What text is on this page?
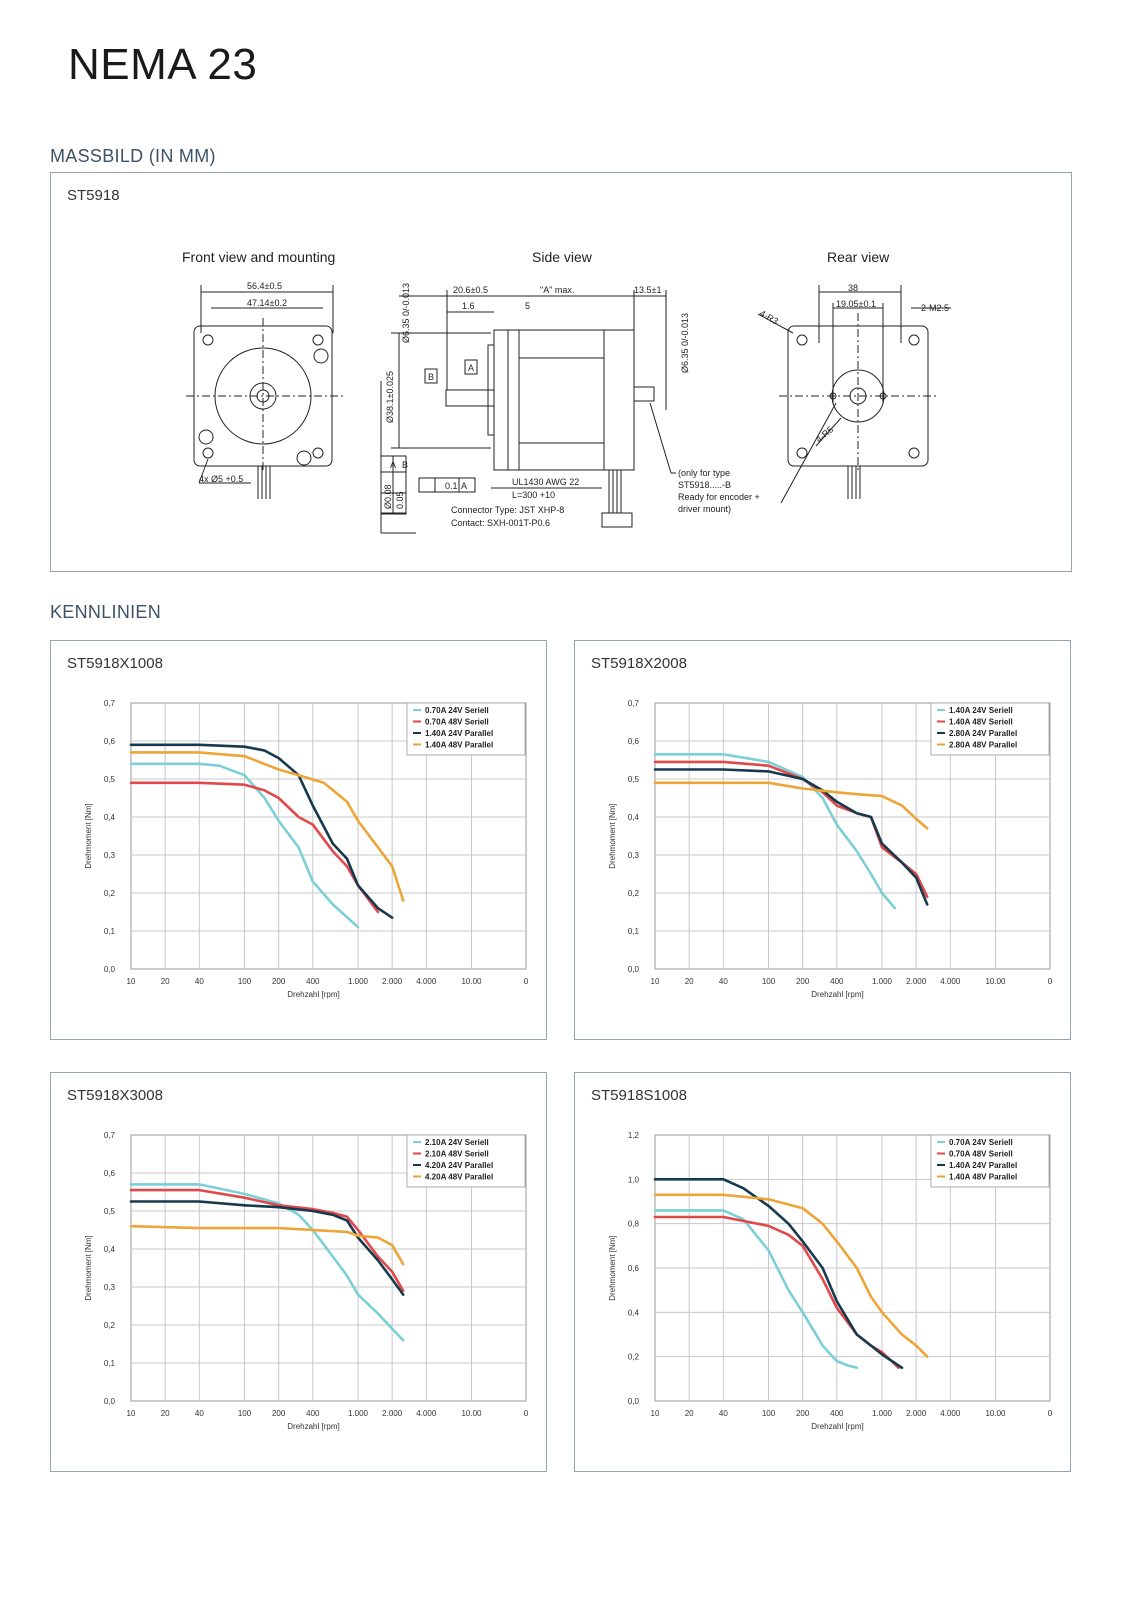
NEMA 23
MASSBILD (IN MM)
ST5918
Front view and mounting	Side view	Rear view
56.4±0.5
47.14±0.2
4x Ø5 +0.5
20.6±0.5
1.6	5
"A" max.	13.5±1
Ø6.35 0/-0.013
Ø38.1±0.025
Ø6.35 0/-0.013
B
A
A B
Ø0.08 0.05
0.1 A	UL1430 AWG 22
L=300 +10
Connector Type: JST XHP-8
Contact: SXH-001T-P0.6
(only for type
ST5918.....-B
Ready for encoder +
driver mount)
38
19.05±0.1	2-M2.5
4-R3
4-R5
KENNLINIEN
ST5918X1008
10	20	40	100	200	400	1.000 2.000 4.000	10.00	0
0,0
0,1
0,2
0,3
0,4
0,5
0,6
0,7
Drehzahl [rpm]
Drehmoment [Nm]
0.70A 24V Seriell
0.70A 48V Seriell
1.40A 24V Parallel
1.40A 48V Parallel
ST5918X2008
10	20	40	100	200	400	1.000 2.000 4.000	10.00	0
0,0
0,1
0,2
0,3
0,4
0,5
0,6
0,7
Drehzahl [rpm]
Drehmoment [Nm]
1.40A 24V Seriell
1.40A 48V Seriell
2.80A 24V Parallel
2.80A 48V Parallel
ST5918X3008
10	20	40	100	200	400	1.000 2.000 4.000	10.00	0
0,0
0,1
0,2
0,3
0,4
0,5
0,6
0,7
Drehzahl [rpm]
Drehmoment [Nm]
2.10A 24V Seriell
2.10A 48V Seriell
4.20A 24V Parallel
4.20A 48V Parallel
ST5918S1008
10	20	40	100	200	400	1.000 2.000 4.000	10.00	0
0,0
0,2
0,4
0,6
0,8
1,0
1,2
Drehzahl [rpm]
Drehmoment [Nm]
0.70A 24V Seriell
0.70A 48V Seriell
1.40A 24V Parallel
1.40A 48V Parallel
